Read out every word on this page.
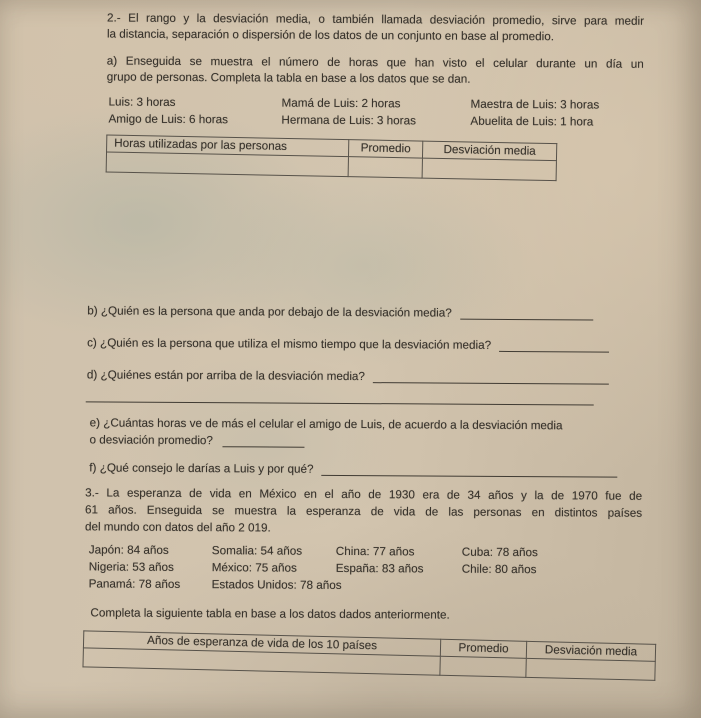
2.- El rango y la desviación media, o también llamada desviación promedio, sirve para medir
la distancia, separación o dispersión de los datos de un conjunto en base al promedio.
a) Enseguida se muestra el número de horas que han visto el celular durante un día un
grupo de personas. Completa la tabla en base a los datos que se dan.
Luis: 3 horas	Mamá de Luis: 2 horas	Maestra de Luis: 3 horas
Amigo de Luis: 6 horas	Hermana de Luis: 3 horas	Abuelita de Luis: 1 hora
Horas utilizadas por las personas	Promedio	Desviación media

b) ¿Quién es la persona que anda por debajo de la desviación media?
c) ¿Quién es la persona que utiliza el mismo tiempo que la desviación media?
d) ¿Quiénes están por arriba de la desviación media?
e) ¿Cuántas horas ve de más el celular el amigo de Luis, de acuerdo a la desviación media
o desviación promedio?
f) ¿Qué consejo le darías a Luis y por qué?
3.- La esperanza de vida en México en el año de 1930 era de 34 años y la de 1970 fue de
61 años. Enseguida se muestra la esperanza de vida de las personas en distintos países
del mundo con datos del año 2 019.
Japón: 84 años	Somalia: 54 años	China: 77 años	Cuba: 78 años
Nigeria: 53 años	México: 75 años	España: 83 años	Chile: 80 años
Panamá: 78 años	Estados Unidos: 78 años
Completa la siguiente tabla en base a los datos dados anteriormente.
Años de esperanza de vida de los 10 países	Promedio	Desviación media
